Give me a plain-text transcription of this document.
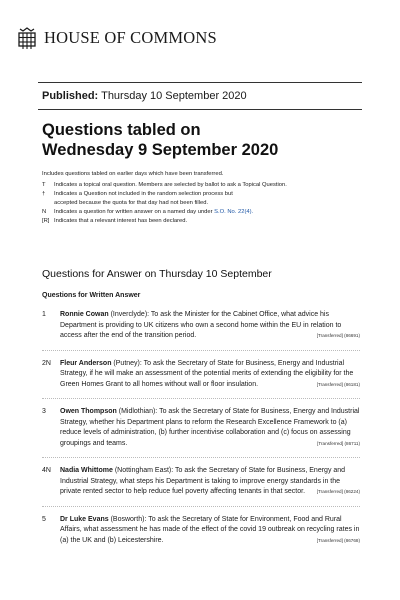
HOUSE OF COMMONS
Published: Thursday 10 September 2020
Questions tabled on
Wednesday 9 September 2020
Includes questions tabled on earlier days which have been transferred.
T	Indicates a topical oral question. Members are selected by ballot to ask a Topical Question.
†	Indicates a Question not included in the random selection process but
accepted because the quota for that day had not been filled.
N	Indicates a question for written answer on a named day under S.O. No. 22(4).
[R] Indicates that a relevant interest has been declared.
Questions for Answer on Thursday 10 September
Questions for Written Answer
1	Ronnie Cowan (Inverclyde): To ask the Minister for the Cabinet Office, what advice his Department is providing to UK citizens who own a second home within the EU in relation to access after the end of the transition period.	[Transferred] (86691)
2N	Fleur Anderson (Putney): To ask the Secretary of State for Business, Energy and Industrial Strategy, if he will make an assessment of the potential merits of extending the eligibility for the Green Homes Grant to all homes without wall or floor insulation.	[Transferred] (86181)
3	Owen Thompson (Midlothian): To ask the Secretary of State for Business, Energy and Industrial Strategy, whether his Department plans to reform the Research Excellence Framework to (a) reduce levels of administration, (b) further incentivise collaboration and (c) focus on assessing groupings and teams.	[Transferred] (86711)
4N	Nadia Whittome (Nottingham East): To ask the Secretary of State for Business, Energy and Industrial Strategy, what steps his Department is taking to improve energy standards in the private rented sector to help reduce fuel poverty affecting tenants in that sector.	[Transferred] (86224)
5	Dr Luke Evans (Bosworth): To ask the Secretary of State for Environment, Food and Rural Affairs, what assessment he has made of the effect of the covid 19 outbreak on recycling rates in (a) the UK and (b) Leicestershire.	[Transferred] (86768)
